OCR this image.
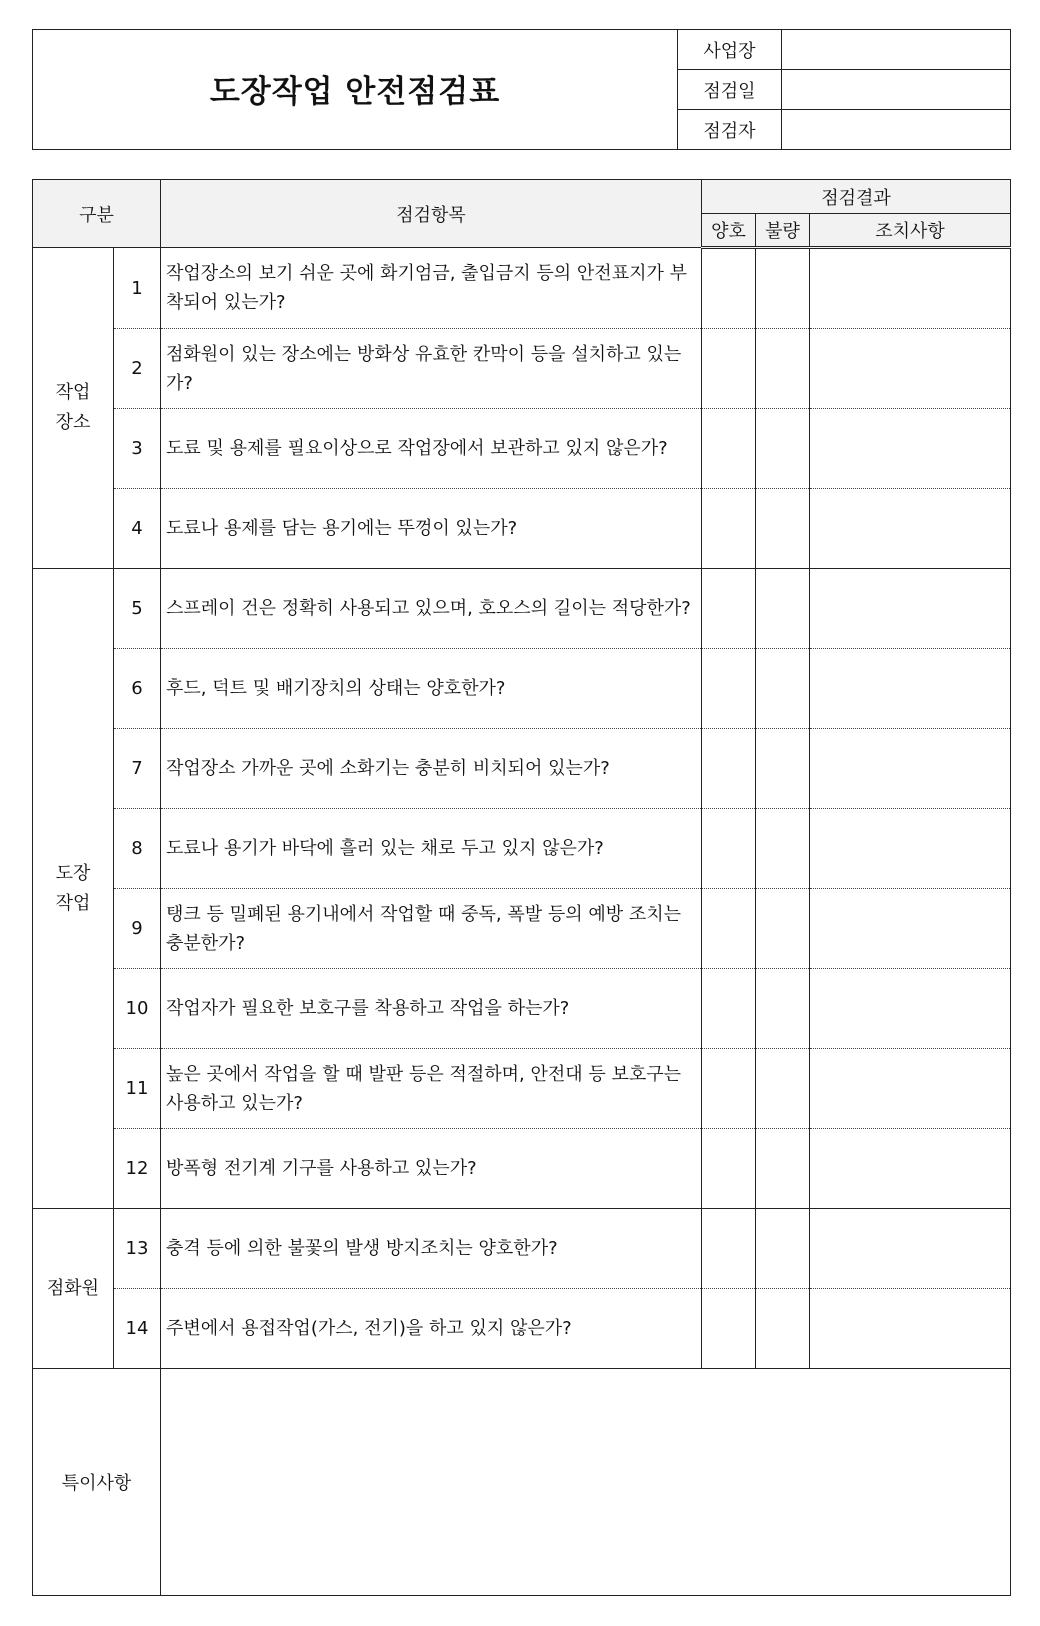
도장작업 안전점검표	사업장	
	점검일	
	점검자	
구분		점검항목	점검결과		
			양호	불량	조치사항
작업
장소	1	작업장소의 보기 쉬운 곳에 화기엄금, 출입금지 등의 안전표지가 부착되어 있는가?			
	2	점화원이 있는 장소에는 방화상 유효한 칸막이 등을 설치하고 있는가?			
	3	도료 및 용제를 필요이상으로 작업장에서 보관하고 있지 않은가?			
	4	도료나 용제를 담는 용기에는 뚜껑이 있는가?			
도장
작업	5	스프레이 건은 정확히 사용되고 있으며, 호오스의 길이는 적당한가?			
	6	후드, 덕트 및 배기장치의 상태는 양호한가?			
	7	작업장소 가까운 곳에 소화기는 충분히 비치되어 있는가?			
	8	도료나 용기가 바닥에 흘러 있는 채로 두고 있지 않은가?			
	9	탱크 등 밀폐된 용기내에서 작업할 때 중독, 폭발 등의 예방 조치는 충분한가?			
	10	작업자가 필요한 보호구를 착용하고 작업을 하는가?			
	11	높은 곳에서 작업을 할 때 발판 등은 적절하며, 안전대 등 보호구는 사용하고 있는가?			
	12	방폭형 전기계 기구를 사용하고 있는가?			
점화원	13	충격 등에 의한 불꽃의 발생 방지조치는 양호한가?			
	14	주변에서 용접작업(가스, 전기)을 하고 있지 않은가?			
특이사항					
